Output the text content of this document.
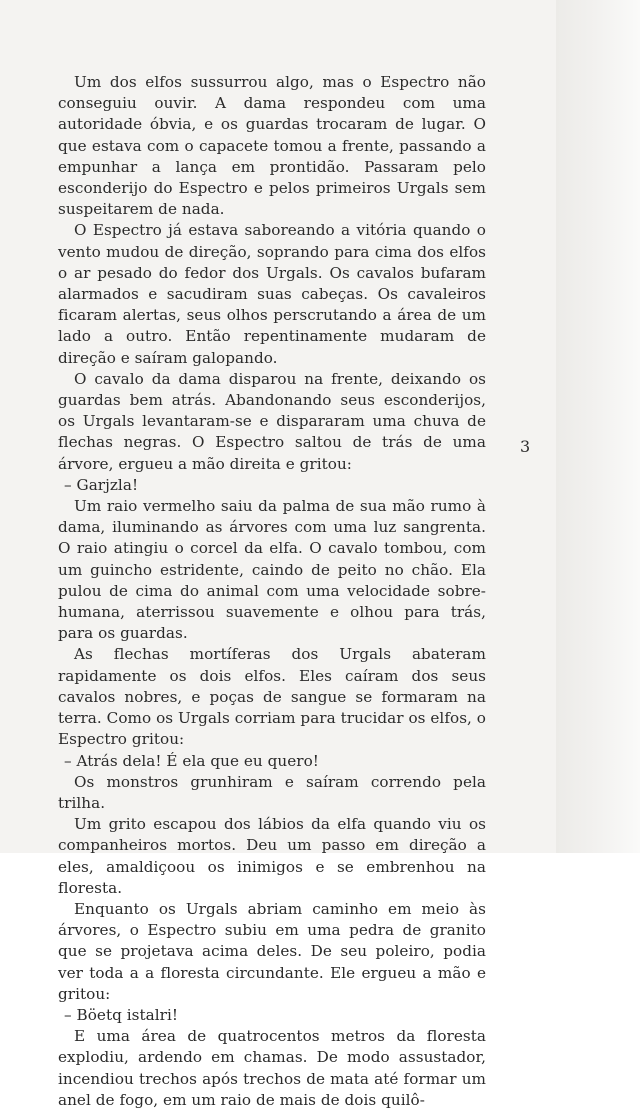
Um dos elfos sussurrou algo, mas o Espectro não conseguiu ouvir. A dama respondeu com uma autoridade óbvia, e os guardas trocaram de lugar. O que estava com o capacete tomou a frente, passando a empunhar a lança em prontidão. Passaram pelo esconderijo do Espectro e pelos primeiros Urgals sem suspeitarem de nada.

O Espectro já estava saboreando a vitória quando o vento mudou de direção, soprando para cima dos elfos o ar pesado do fedor dos Urgals. Os cavalos bufaram alarmados e sacudiram suas cabeças. Os cavaleiros ficaram alertas, seus olhos perscrutando a área de um lado a outro. Então repentinamente mudaram de direção e saíram galopando.

O cavalo da dama disparou na frente, deixando os guardas bem atrás. Abandonando seus esconderijos, os Urgals levantaram-se e dispararam uma chuva de flechas negras. O Espectro saltou de trás de uma árvore, ergueu a mão direita e gritou:

– Garjzla!

Um raio vermelho saiu da palma de sua mão rumo à dama, iluminando as árvores com uma luz sangrenta. O raio atingiu o corcel da elfa. O cavalo tombou, com um guincho estridente, caindo de peito no chão. Ela pulou de cima do animal com uma velocidade sobre-humana, aterrissou suavemente e olhou para trás, para os guardas.

As flechas mortíferas dos Urgals abateram rapidamente os dois elfos. Eles caíram dos seus cavalos nobres, e poças de sangue se formaram na terra. Como os Urgals corriam para trucidar os elfos, o Espectro gritou:

– Atrás dela! É ela que eu quero!

Os monstros grunhiram e saíram correndo pela trilha.

Um grito escapou dos lábios da elfa quando viu os companheiros mortos. Deu um passo em direção a eles, amaldiçoou os inimigos e se embrenhou na floresta.

Enquanto os Urgals abriam caminho em meio às árvores, o Espectro subiu em uma pedra de granito que se projetava acima deles. De seu poleiro, podia ver toda a a floresta circundante. Ele ergueu a mão e gritou:

– Böetq istalri!

E uma área de quatrocentos metros da floresta explodiu, ardendo em chamas. De modo assustador, incendiou trechos após trechos de mata até formar um anel de fogo, em um raio de mais de dois quilô-

3
